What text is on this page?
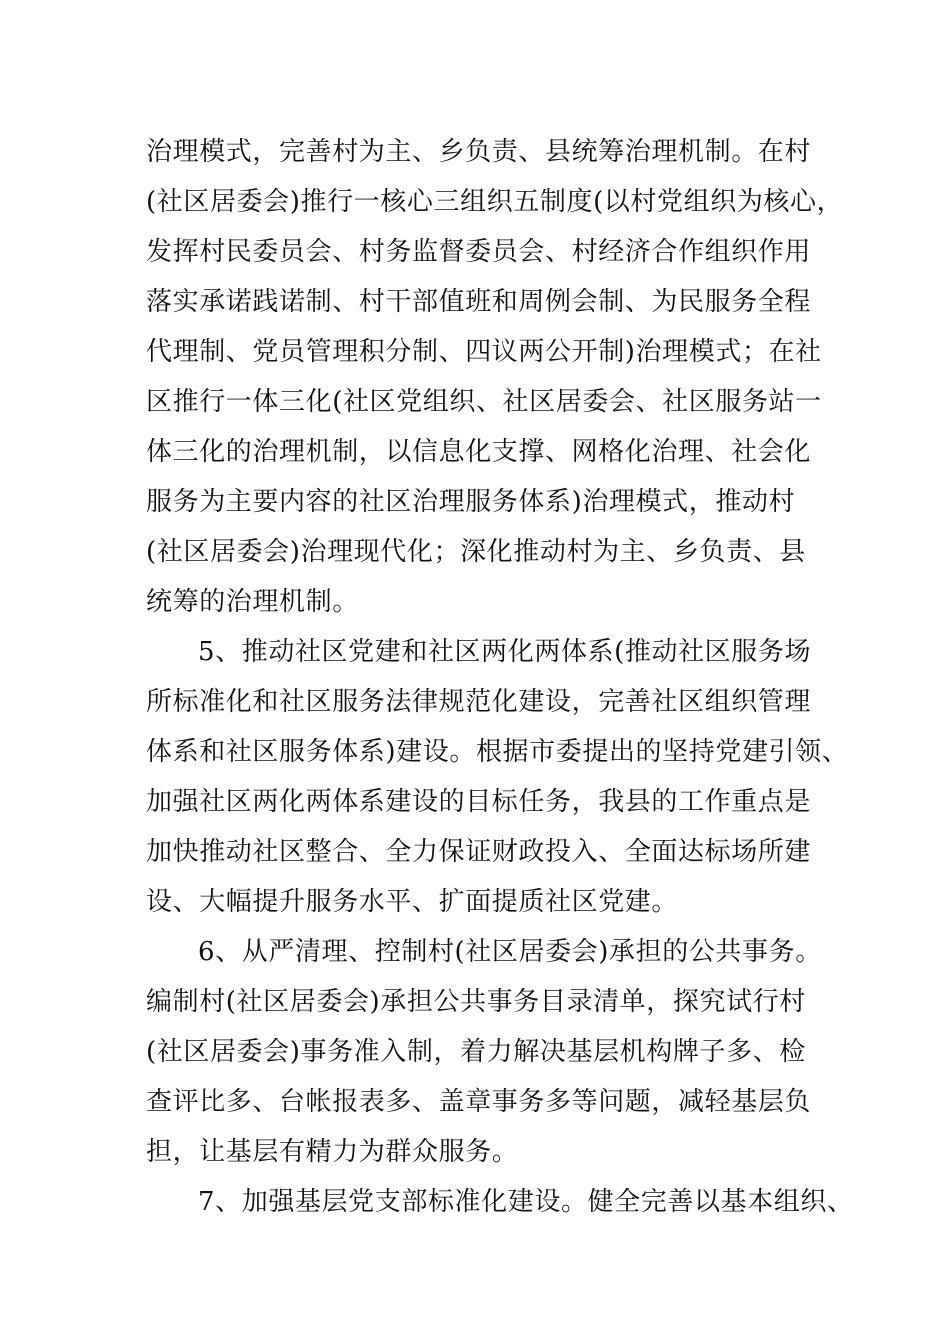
治理模式，完善村为主、乡负责、县统筹治理机制。在村
(社区居委会)推行一核心三组织五制度(以村党组织为核心，
发挥村民委员会、村务监督委员会、村经济合作组织作用
落实承诺践诺制、村干部值班和周例会制、为民服务全程
代理制、党员管理积分制、四议两公开制)治理模式；在社
区推行一体三化(社区党组织、社区居委会、社区服务站一
体三化的治理机制，以信息化支撑、网格化治理、社会化
服务为主要内容的社区治理服务体系)治理模式，推动村
(社区居委会)治理现代化；深化推动村为主、乡负责、县
统筹的治理机制。
5、推动社区党建和社区两化两体系(推动社区服务场
所标准化和社区服务法律规范化建设，完善社区组织管理
体系和社区服务体系)建设。根据市委提出的坚持党建引领、
加强社区两化两体系建设的目标任务，我县的工作重点是
加快推动社区整合、全力保证财政投入、全面达标场所建
设、大幅提升服务水平、扩面提质社区党建。
6、从严清理、控制村(社区居委会)承担的公共事务。
编制村(社区居委会)承担公共事务目录清单，探究试行村
(社区居委会)事务准入制，着力解决基层机构牌子多、检
查评比多、台帐报表多、盖章事务多等问题，减轻基层负
担，让基层有精力为群众服务。
7、加强基层党支部标准化建设。健全完善以基本组织、
